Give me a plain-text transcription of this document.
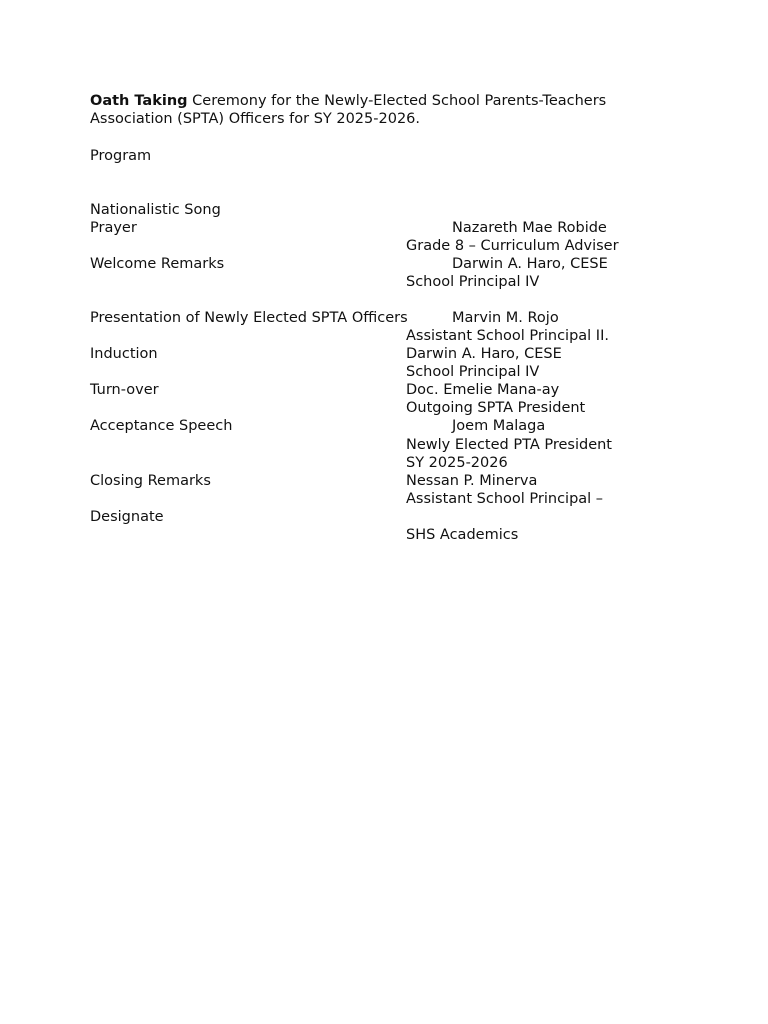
Oath Taking Ceremony for the Newly-Elected School Parents-Teachers
Association (SPTA) Officers for SY 2025-2026.
Program
Nationalistic Song
Prayer
Welcome Remarks
Presentation of Newly Elected SPTA Officers
Induction
Turn-over
Acceptance Speech
Closing Remarks
Designate
Nazareth Mae Robide
Grade 8 – Curriculum Adviser
Darwin A. Haro, CESE
School Principal IV
Marvin M. Rojo
Assistant School Principal II.
Darwin A. Haro, CESE
School Principal IV
Doc. Emelie Mana-ay
Outgoing SPTA President
Joem Malaga
Newly Elected PTA President
SY 2025-2026
Nessan P. Minerva
Assistant School Principal –
SHS Academics
